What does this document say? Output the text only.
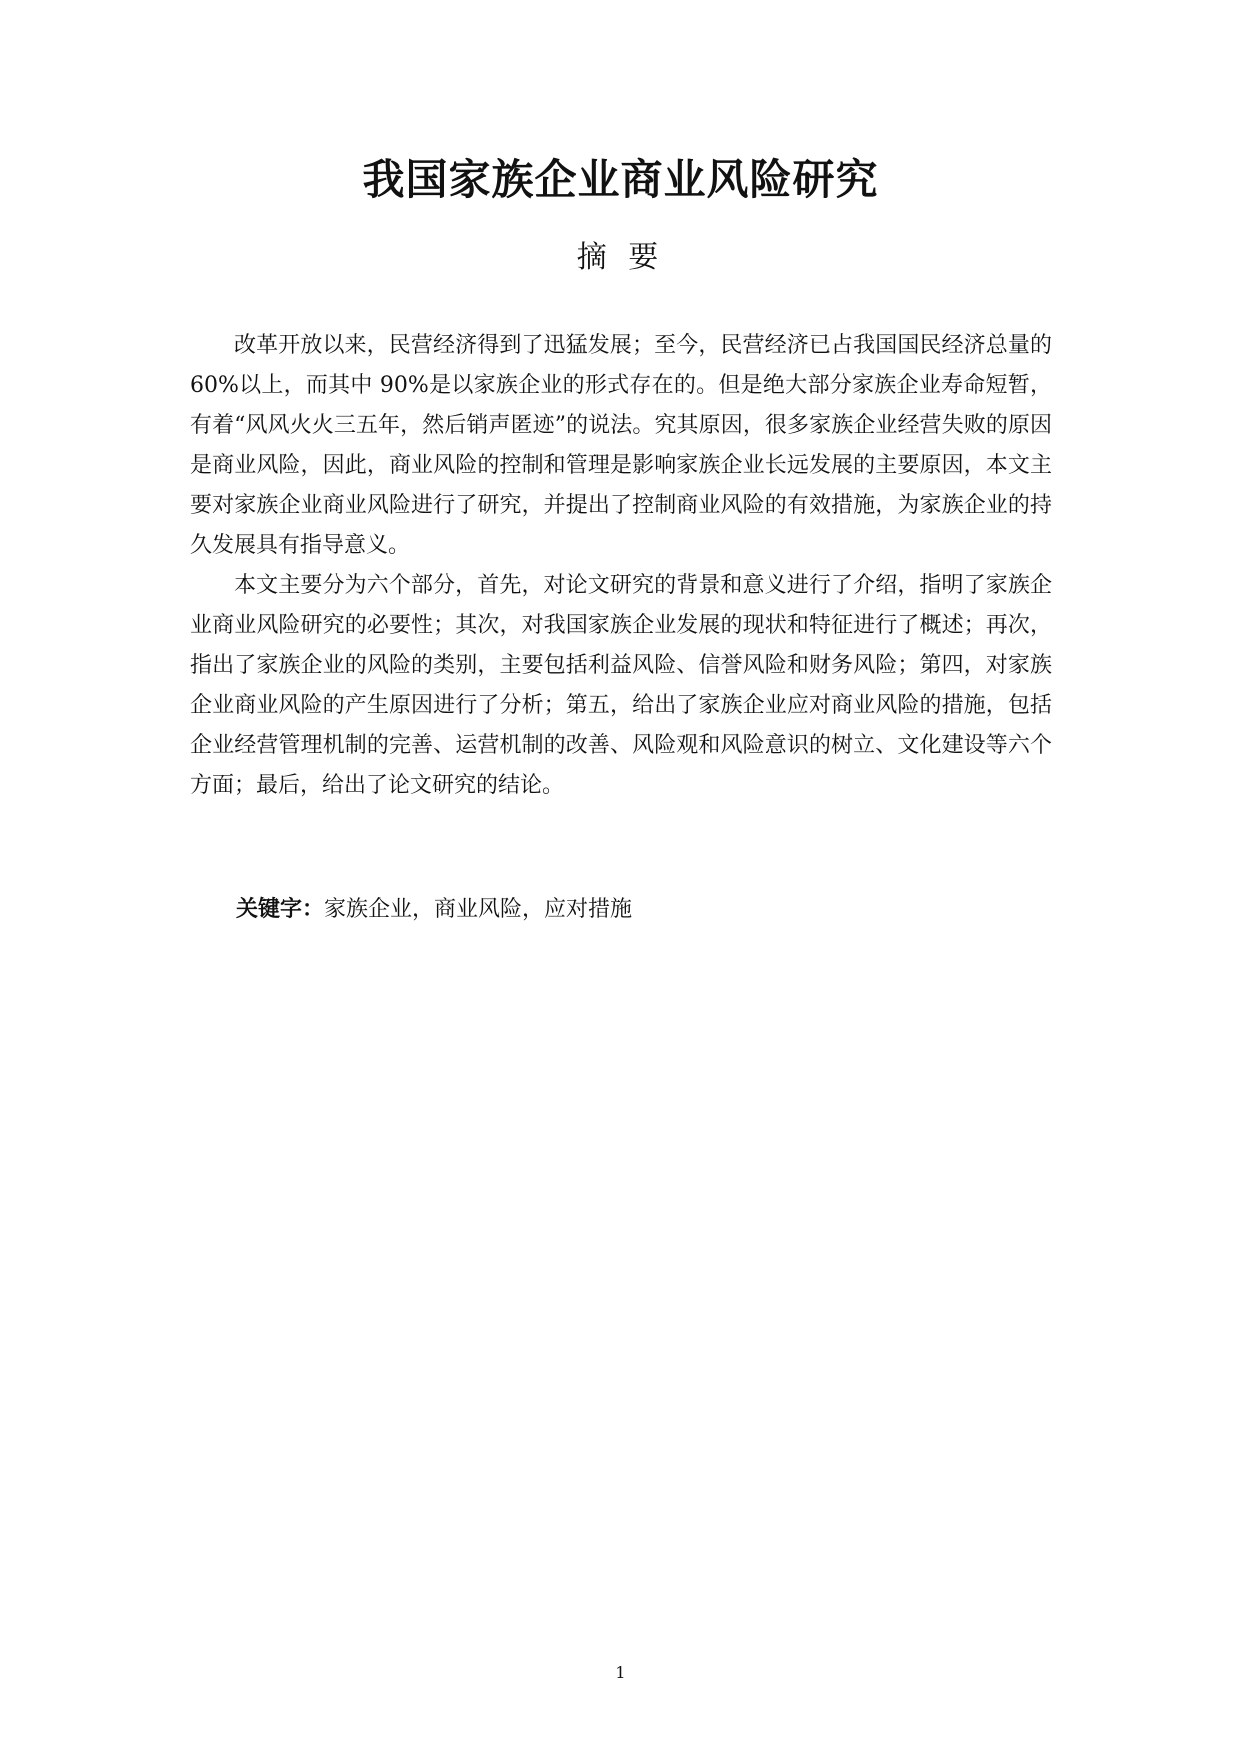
我国家族企业商业风险研究
摘 要

改革开放以来，民营经济得到了迅猛发展；至今，民营经济已占我国国民经济总量的 60%以上，而其中 90%是以家族企业的形式存在的。但是绝大部分家族企业寿命短暂，有着“风风火火三五年，然后销声匿迹”的说法。究其原因，很多家族企业经营失败的原因是商业风险，因此，商业风险的控制和管理是影响家族企业长远发展的主要原因，本文主要对家族企业商业风险进行了研究，并提出了控制商业风险的有效措施，为家族企业的持久发展具有指导意义。

本文主要分为六个部分，首先，对论文研究的背景和意义进行了介绍，指明了家族企业商业风险研究的必要性；其次，对我国家族企业发展的现状和特征进行了概述；再次，指出了家族企业的风险的类别，主要包括利益风险、信誉风险和财务风险；第四，对家族企业商业风险的产生原因进行了分析；第五，给出了家族企业应对商业风险的措施，包括企业经营管理机制的完善、运营机制的改善、风险观和风险意识的树立、文化建设等六个方面；最后，给出了论文研究的结论。

关键字：家族企业，商业风险，应对措施
1
